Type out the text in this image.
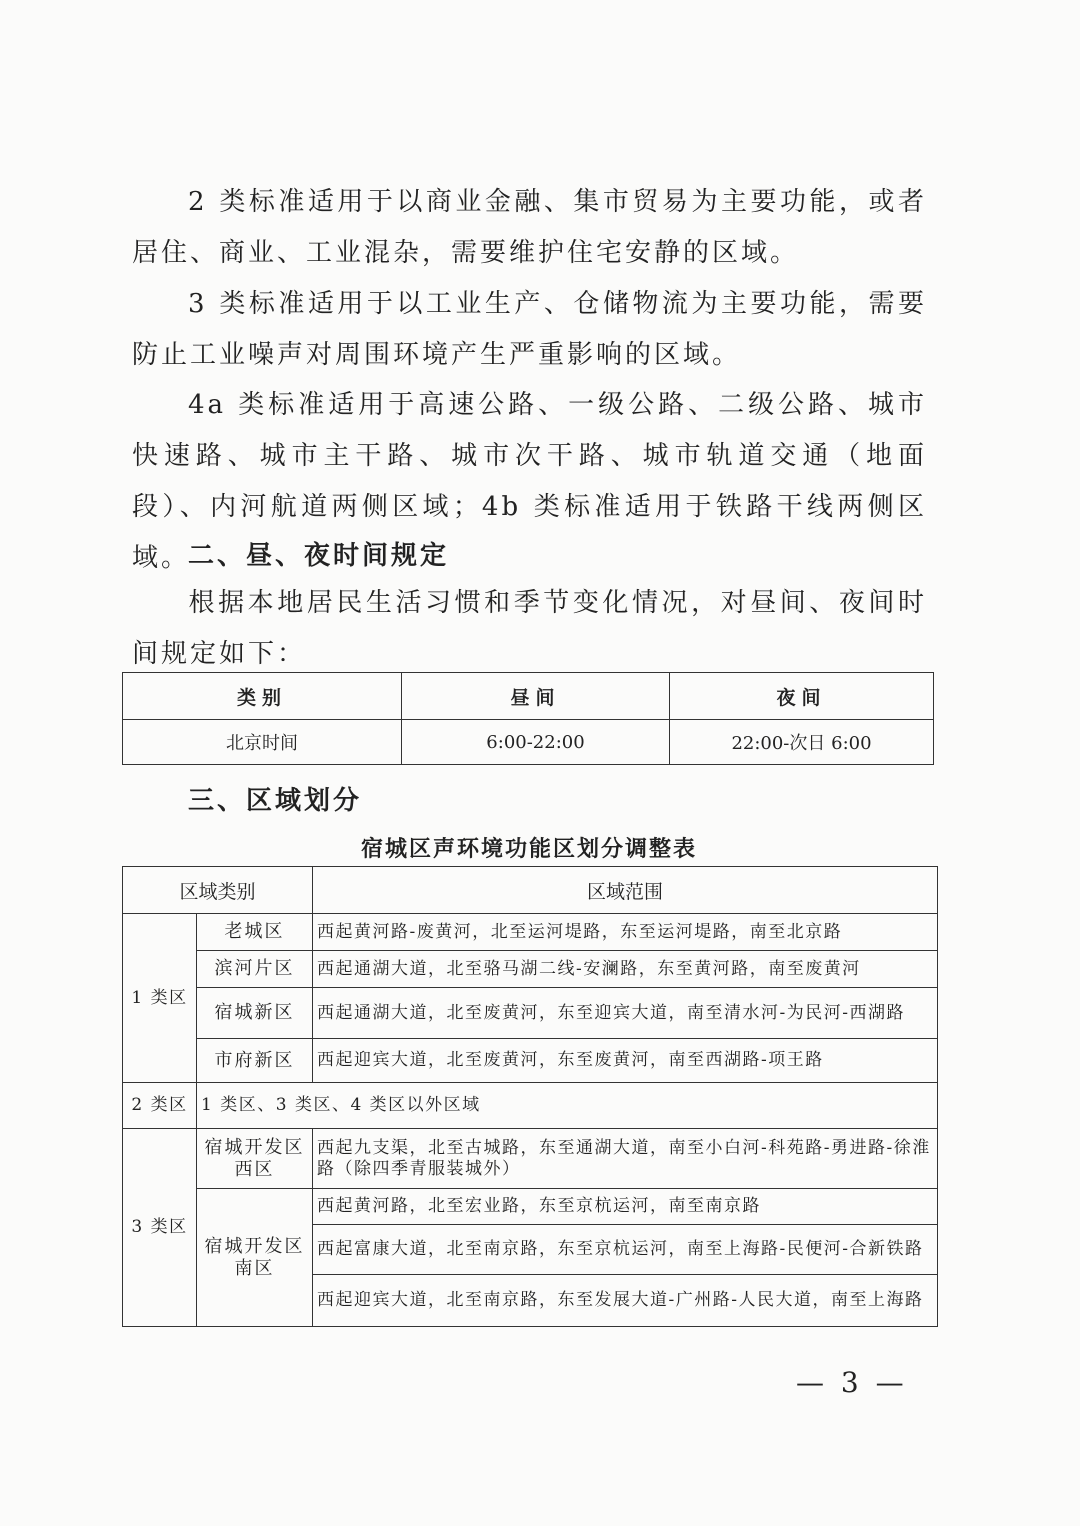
2 类标准适用于以商业金融、集市贸易为主要功能，或者居住、商业、工业混杂，需要维护住宅安静的区域。

3 类标准适用于以工业生产、仓储物流为主要功能，需要防止工业噪声对周围环境产生严重影响的区域。

4a 类标准适用于高速公路、一级公路、二级公路、城市快速路、城市主干路、城市次干路、城市轨道交通（地面段）、内河航道两侧区域；4b 类标准适用于铁路干线两侧区域。

二、昼、夜时间规定

根据本地居民生活习惯和季节变化情况，对昼间、夜间时间规定如下：

类别	昼间	夜间
北京时间	6:00-22:00	22:00-次日 6:00

三、区域划分

宿城区声环境功能区划分调整表

区域类别		区域范围
1 类区	老城区	西起黄河路-废黄河，北至运河堤路，东至运河堤路，南至北京路
	滨河片区	西起通湖大道，北至骆马湖二线-安澜路，东至黄河路，南至废黄河
	宿城新区	西起通湖大道，北至废黄河，东至迎宾大道，南至清水河-为民河-西湖路
	市府新区	西起迎宾大道，北至废黄河，东至废黄河，南至西湖路-项王路
2 类区	1 类区、3 类区、4 类区以外区域	
3 类区	宿城开发区西区	西起九支渠，北至古城路，东至通湖大道，南至小白河-科苑路-勇进路-徐淮路（除四季青服装城外）
	宿城开发区南区	西起黄河路，北至宏业路，东至京杭运河，南至南京路
		西起富康大道，北至南京路，东至京杭运河，南至上海路-民便河-合新铁路
		西起迎宾大道，北至南京路，东至发展大道-广州路-人民大道，南至上海路

— 3 —
